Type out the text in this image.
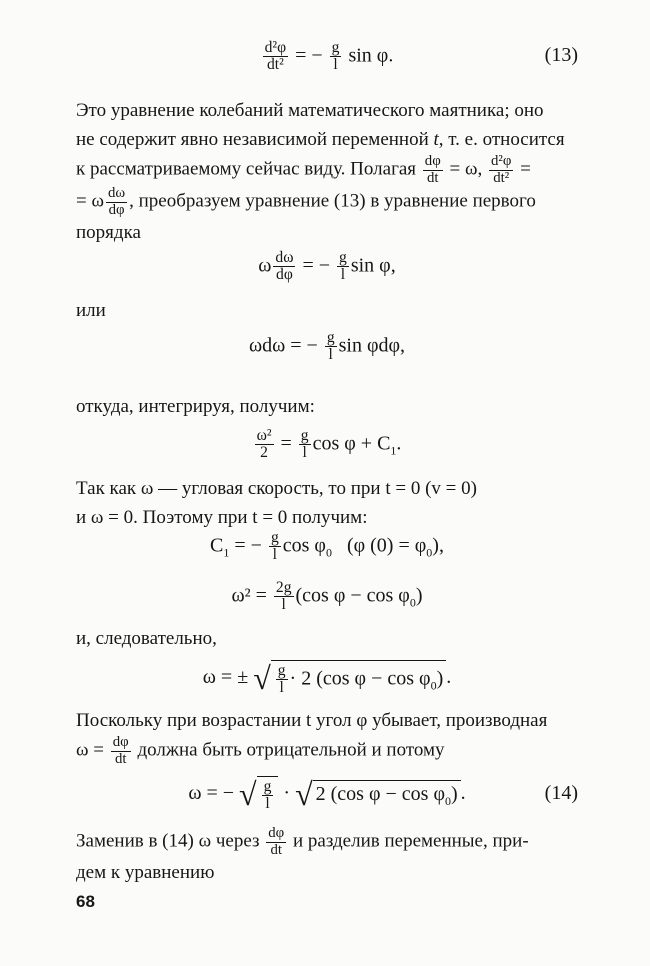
$\frac{\text{d²φ}}{\text{dt²}}$ = − $\frac{g}{l}$ sin φ.	(13)
Это уравнение колебаний математического маятника; оно
не содержит явно независимой переменной t, т. е. относится
к рассматриваемому сейчас виду. Полагая $\frac{d\varphi}{dt} = \omega$, $\frac{\text{d²φ}}{\text{dt²}}$ =
= ω $\frac{d\omega}{d\varphi}$ , преобразуем уравнение (13) в уравнение первого
порядка
ω $\frac{d\omega}{d\varphi}$ = − $\frac{g}{l}$ sin φ,
или
ωdω = − $\frac{g}{l}$ sin φdφ,
откуда, интегрируя, получим:
$\frac{\text{ω²}}{2} = \frac{g}{l}$ $\cos \varphi + C_1$.
Так как ω — угловая скорость, то при t = 0 (v = 0)
и ω = 0. Поэтому при t = 0 получим:
$C_1$ = − $\frac{g}{l}$ $\cos \varphi_0$   (φ $(0) = \varphi_0$),
$\omega^2 = \frac{2g}{l} (\cos$ $\varphi - \cos \varphi_0$)
и, следовательно,
ω = ± √ $\frac{g}{l} \cdot 2$ (cos $\varphi - \cos \varphi_0$) .
Поскольку при возрастании t угол φ убывает, производная
$\omega = \frac{d\varphi}{dt}$ должна быть отрицательной и потому
ω = − √ $\frac{g}{l}$ · √ 2 (cos $\varphi - \cos \varphi_0$) .	(14)
Заменив в (14) ω через $\frac{d\varphi}{dt}$ и разделив переменные, при-
дем к уравнению
68
